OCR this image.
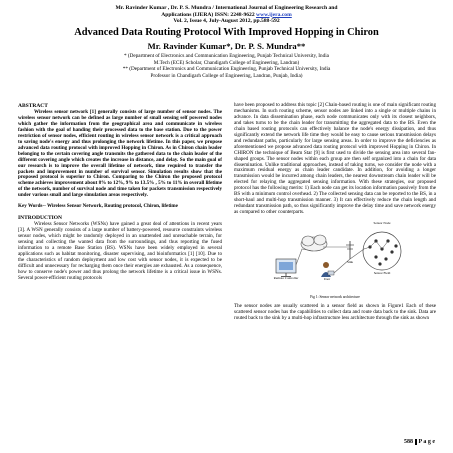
Mr. Ravinder Kumar , Dr. P. S. Mundra / International Journal of Engineering Research and
Applications (IJERA) ISSN: 2248-9622 www.ijera.com
Vol. 2, Issue 4, July-August 2012, pp.588-592
Advanced Data Routing Protocol With Improved Hopping in Chiron
Mr. Ravinder Kumar*, Dr. P. S. Mundra**
* (Department of Electronics and Communication Engineering, Punjab Technical University, India
M.Tech (ECE) Scholar, Chandigarh College of Engineering, Landran)
** (Department of Electronics and Communication Engineering, Punjab Technical University, India
Professor in Chandigarh College of Engineering, Landran, Punjab, India)

ABSTRACT

Wireless sensor network [1] generally consists of large number of sensor nodes. The wireless sensor network can be defined as large number of small sensing self powered nodes which gather the information from the geographical area and communicate in wireless fashion with the goal of handing their processed data to the base station. Due to the power restriction of sensor nodes, efficient routing in wireless sensor network is a critical approach to saving node's energy and thus prolonging the network lifetime. In this paper, we propose advanced data routing protocol with improved Hopping in Chiron. As in Chiron chain leader belonging to the certain covering angle transmits the gathered data to the chain leader of the different covering angle which creates the increase in distance, and delay. So the main goal of our research is to improve the overall lifetime of network, time required to transfer the packets and improvement in number of survival sensor. Simulation results show that the proposed protocol is superior to Chiron. Comparing to the Chiron the proposed protocol scheme achieves improvement about 8% to 12%, 9% to 13.5% , 5% to 11% in overall lifetime of the network, number of survival node and time taken for packets transmission respectively under various small and large simulation areas respectively.

Key Words-- Wireless Sensor Network, Routing protocol, Chiron, lifetime

INTRODUCTION

Wireless Sensor Networks (WSNs) have gained a great deal of attentions in recent years [3]. A WSN generally consists of a large number of battery-powered, resource constraints wireless sensor nodes, which might be randomly deployed in an unattended and unreachable terrain, for sensing and collecting the wanted data from the surroundings, and thus reporting the fused information to a remote Base Station (BS). WSNs have been widely employed in several applications such as habitat monitoring, disaster supervising, and bioinformatics [1] [10]. Due to the characteristics of random deployment and low cost with sensor nodes, it is expected to be difficult and unnecessary for recharging them once their energies are exhausted. As a consequence, how to conserve node's power and thus prolong the network lifetime is a critical issue in WSNs. Several power-efficient routing protocols

have been proposed to address this topic [2] Chain-based routing is one of main significant routing mechanisms. In such routing scheme, sensor nodes are linked into a single or multiple chains in advance. In data dissemination phase, each node communicates only with its closest neighbors, and takes turns to be the chain leader for transmitting the aggregated data to the BS. Even the chain based routing protocols can effectively balance the node's energy dissipation, and thus significantly extend the network life time they would be easy to cause serious transmission delays and redundant paths, particularly for large sensing areas. In order to improve the deficiencies as aforementioned we propose advanced data routing protocol with improved Hopping in Chiron. In CHIRON the technique of Beam Star [9] is first used to divide the sensing area into several fan-shaped groups. The sensor nodes within each group are then self organized into a chain for data dissemination. Unlike traditional approaches, instead of taking turns, we consider the node with a maximum residual energy as chain leader candidate. In addition, for avoiding a longer transmission would be incurred among chain leaders, the nearest downstream chain leader will be elected for relaying the aggregated sensing information. With these strategies, our proposed protocol has the following merits: 1) Each node can get its location information passively from the BS with a minimum control overhead. 2) The collected sensing data can be reported to the BS, in a short-haul and multi-hop transmission manner. 3) It can effectively reduce the chain length and redundant transmission path, so thus significantly improve the delay time and save network energy as compared to other counterparts.

Remote Controller	User
Sink
Sensor Node
Sensor Field

Fig 1: Sensor network architecture

The sensor nodes are usually scattered in a sensor field as shown in Figure1 Each of these scattered sensor nodes has the capabilities to collect data and route data back to the sink. Data are routed back to the sink by a multi-hop infrastructure less architecture through the sink as shown

588 P a g e
